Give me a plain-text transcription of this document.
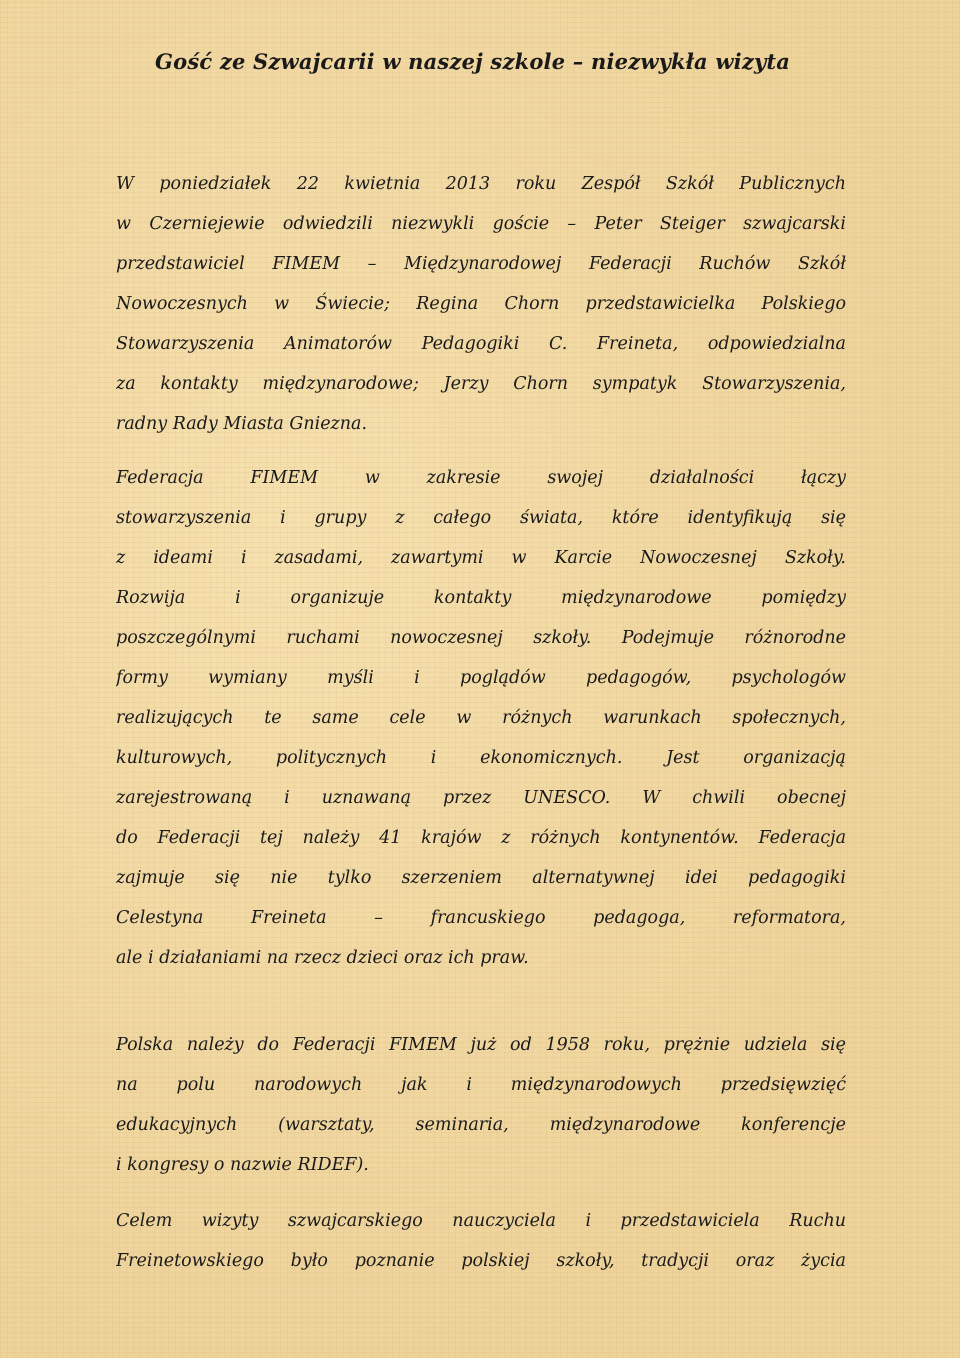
Gość ze Szwajcarii w naszej szkole – niezwykła wizyta
W poniedziałek 22 kwietnia 2013 roku Zespół Szkół Publicznych
w Czerniejewie odwiedzili niezwykli goście – Peter Steiger szwajcarski
przedstawiciel FIMEM – Międzynarodowej Federacji Ruchów Szkół
Nowoczesnych w Świecie; Regina Chorn przedstawicielka Polskiego
Stowarzyszenia Animatorów Pedagogiki C. Freineta, odpowiedzialna
za kontakty międzynarodowe; Jerzy Chorn sympatyk Stowarzyszenia,
radny Rady Miasta Gniezna.
Federacja FIMEM w zakresie swojej działalności łączy
stowarzyszenia i grupy z całego świata, które identyfikują się
z ideami i zasadami, zawartymi w Karcie Nowoczesnej Szkoły.
Rozwija i organizuje kontakty międzynarodowe pomiędzy
poszczególnymi ruchami nowoczesnej szkoły. Podejmuje różnorodne
formy wymiany myśli i poglądów pedagogów, psychologów
realizujących te same cele w różnych warunkach społecznych,
kulturowych, politycznych i ekonomicznych. Jest organizacją
zarejestrowaną i uznawaną przez UNESCO. W chwili obecnej
do Federacji tej należy 41 krajów z różnych kontynentów. Federacja
zajmuje się nie tylko szerzeniem alternatywnej idei pedagogiki
Celestyna Freineta – francuskiego pedagoga, reformatora,
ale i działaniami na rzecz dzieci oraz ich praw.
Polska należy do Federacji FIMEM już od 1958 roku, prężnie udziela się
na polu narodowych jak i międzynarodowych przedsięwzięć
edukacyjnych (warsztaty, seminaria, międzynarodowe konferencje
i kongresy o nazwie RIDEF).
Celem wizyty szwajcarskiego nauczyciela i przedstawiciela Ruchu
Freinetowskiego było poznanie polskiej szkoły, tradycji oraz życia
